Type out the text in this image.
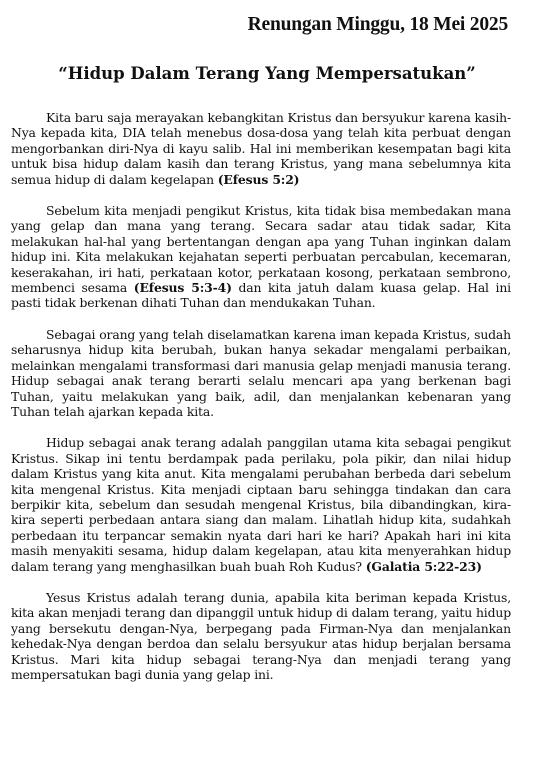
Renungan Minggu, 18 Mei 2025
“Hidup Dalam Terang Yang Mempersatukan”

Kita baru saja merayakan kebangkitan Kristus dan bersyukur karena kasih-Nya kepada kita, DIA telah menebus dosa-dosa yang telah kita perbuat dengan mengorbankan diri-Nya di kayu salib. Hal ini memberikan kesempatan bagi kita untuk bisa hidup dalam kasih dan terang Kristus, yang mana sebelumnya kita semua hidup di dalam kegelapan (Efesus 5:2)

Sebelum kita menjadi pengikut Kristus, kita tidak bisa membedakan mana yang gelap dan mana yang terang. Secara sadar atau tidak sadar, Kita melakukan hal-hal yang bertentangan dengan apa yang Tuhan inginkan dalam hidup ini. Kita melakukan kejahatan seperti perbuatan percabulan, kecemaran, keserakahan, iri hati, perkataan kotor, perkataan kosong, perkataan sembrono, membenci sesama (Efesus 5:3-4) dan kita jatuh dalam kuasa gelap. Hal ini pasti tidak berkenan dihati Tuhan dan mendukakan Tuhan.

Sebagai orang yang telah diselamatkan karena iman kepada Kristus, sudah seharusnya hidup kita berubah, bukan hanya sekadar mengalami perbaikan, melainkan mengalami transformasi dari manusia gelap menjadi manusia terang. Hidup sebagai anak terang berarti selalu mencari apa yang berkenan bagi Tuhan, yaitu melakukan yang baik, adil, dan menjalankan kebenaran yang Tuhan telah ajarkan kepada kita.

Hidup sebagai anak terang adalah panggilan utama kita sebagai pengikut Kristus. Sikap ini tentu berdampak pada perilaku, pola pikir, dan nilai hidup dalam Kristus yang kita anut. Kita mengalami perubahan berbeda dari sebelum kita mengenal Kristus. Kita menjadi ciptaan baru sehingga tindakan dan cara berpikir kita, sebelum dan sesudah mengenal Kristus, bila dibandingkan, kira-kira seperti perbedaan antara siang dan malam. Lihatlah hidup kita, sudahkah perbedaan itu terpancar semakin nyata dari hari ke hari? Apakah hari ini kita masih menyakiti sesama, hidup dalam kegelapan, atau kita menyerahkan hidup dalam terang yang menghasilkan buah buah Roh Kudus? (Galatia 5:22-23)

Yesus Kristus adalah terang dunia, apabila kita beriman kepada Kristus, kita akan menjadi terang dan dipanggil untuk hidup di dalam terang, yaitu hidup yang bersekutu dengan-Nya, berpegang pada Firman-Nya dan menjalankan kehedak-Nya dengan berdoa dan selalu bersyukur atas hidup berjalan bersama Kristus. Mari kita hidup sebagai terang-Nya dan menjadi terang yang mempersatukan bagi dunia yang gelap ini.
